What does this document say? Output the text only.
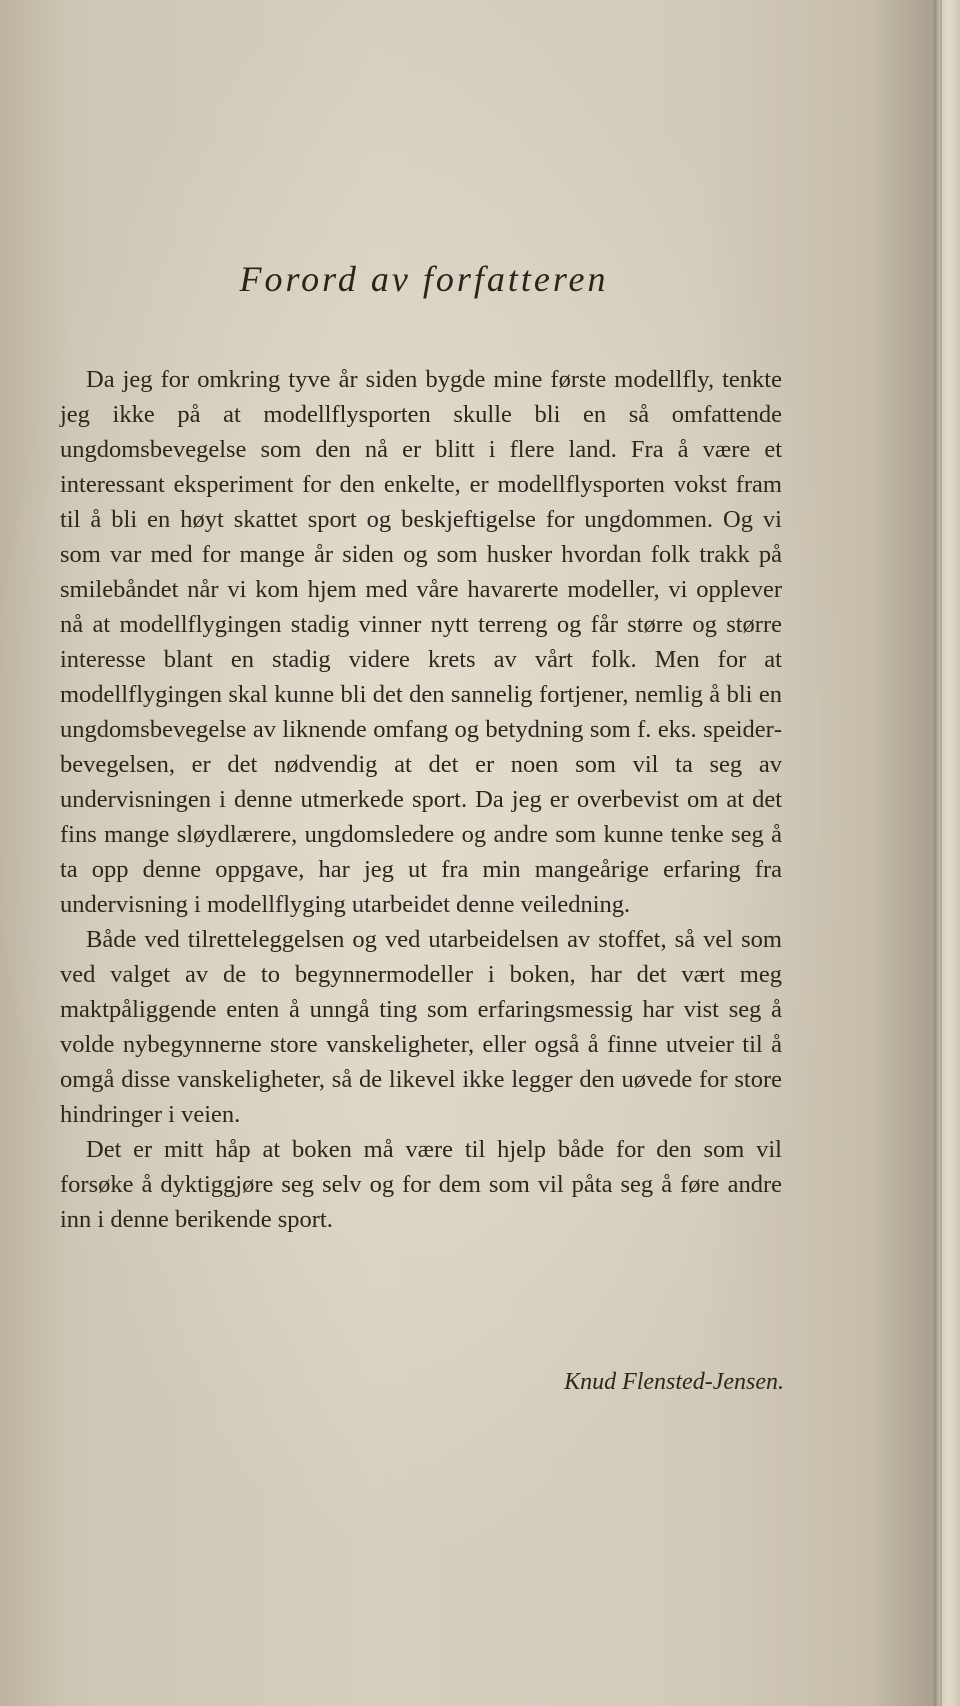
Forord av forfatteren

Da jeg for omkring tyve år siden bygde mine første modellfly, tenkte jeg ikke på at modellflysporten skulle bli en så omfattende ungdomsbevegelse som den nå er blitt i flere land. Fra å være et interessant eksperiment for den enkelte, er modellflysporten vokst fram til å bli en høyt skattet sport og beskjeftigelse for ungdommen. Og vi som var med for mange år siden og som husker hvordan folk trakk på smilebåndet når vi kom hjem med våre havarerte modeller, vi opplever nå at modellflygingen stadig vinner nytt terreng og får større og større interesse blant en stadig videre krets av vårt folk. Men for at modellflygingen skal kunne bli det den sannelig fortjener, nemlig å bli en ungdomsbevegelse av liknende omfang og betydning som f. eks. speiderbevegelsen, er det nødvendig at det er noen som vil ta seg av undervisningen i denne utmerkede sport. Da jeg er overbevist om at det fins mange sløydlærere, ungdomsledere og andre som kunne tenke seg å ta opp denne oppgave, har jeg ut fra min mangeårige erfaring fra undervisning i modellflyging utarbeidet denne veiledning.

Både ved tilretteleggelsen og ved utarbeidelsen av stoffet, så vel som ved valget av de to begynnermodeller i boken, har det vært meg maktpåliggende enten å unngå ting som erfaringsmessig har vist seg å volde nybegynnerne store vanskeligheter, eller også å finne utveier til å omgå disse vanskeligheter, så de likevel ikke legger den uøvede for store hindringer i veien.

Det er mitt håp at boken må være til hjelp både for den som vil forsøke å dyktiggjøre seg selv og for dem som vil påta seg å føre andre inn i denne berikende sport.

Knud Flensted-Jensen.
